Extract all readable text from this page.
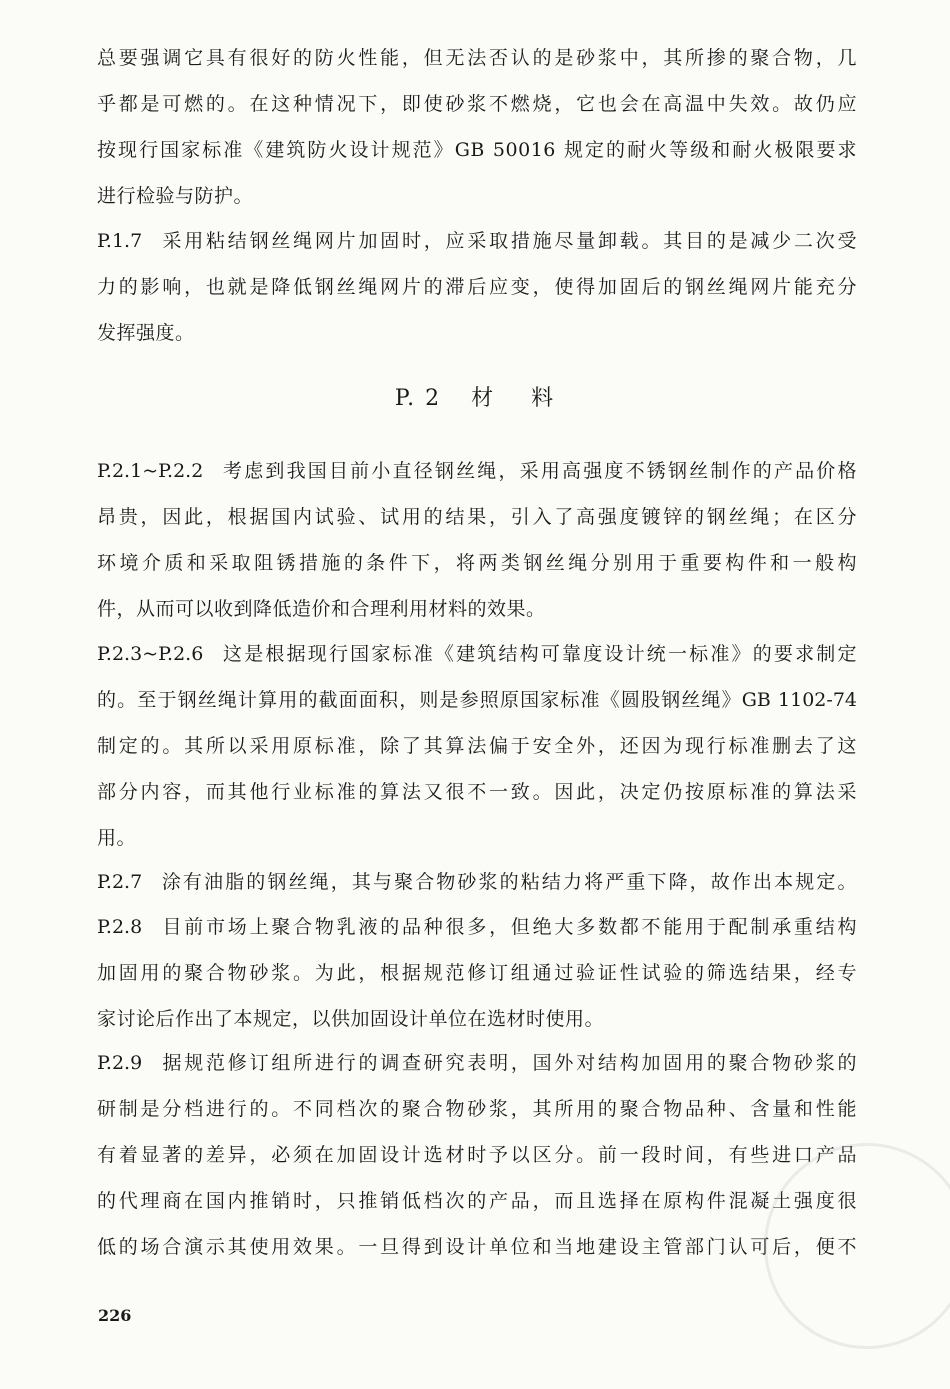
总要强调它具有很好的防火性能，但无法否认的是砂浆中，其所掺的聚合物，几
乎都是可燃的。在这种情况下，即使砂浆不燃烧，它也会在高温中失效。故仍应
按现行国家标准《建筑防火设计规范》GB 50016 规定的耐火等级和耐火极限要求
进行检验与防护。
P.1.7 采用粘结钢丝绳网片加固时，应采取措施尽量卸载。其目的是减少二次受
力的影响，也就是降低钢丝绳网片的滞后应变，使得加固后的钢丝绳网片能充分
发挥强度。
P. 2 材 料
P.2.1~P.2.2 考虑到我国目前小直径钢丝绳，采用高强度不锈钢丝制作的产品价格
昂贵，因此，根据国内试验、试用的结果，引入了高强度镀锌的钢丝绳；在区分
环境介质和采取阻锈措施的条件下，将两类钢丝绳分别用于重要构件和一般构
件，从而可以收到降低造价和合理利用材料的效果。
P.2.3~P.2.6 这是根据现行国家标准《建筑结构可靠度设计统一标准》的要求制定
的。至于钢丝绳计算用的截面面积，则是参照原国家标准《圆股钢丝绳》GB 1102-74
制定的。其所以采用原标准，除了其算法偏于安全外，还因为现行标准删去了这
部分内容，而其他行业标准的算法又很不一致。因此，决定仍按原标准的算法采
用。
P.2.7 涂有油脂的钢丝绳，其与聚合物砂浆的粘结力将严重下降，故作出本规定。
P.2.8 目前市场上聚合物乳液的品种很多，但绝大多数都不能用于配制承重结构
加固用的聚合物砂浆。为此，根据规范修订组通过验证性试验的筛选结果，经专
家讨论后作出了本规定，以供加固设计单位在选材时使用。
P.2.9 据规范修订组所进行的调查研究表明，国外对结构加固用的聚合物砂浆的
研制是分档进行的。不同档次的聚合物砂浆，其所用的聚合物品种、含量和性能
有着显著的差异，必须在加固设计选材时予以区分。前一段时间，有些进口产品
的代理商在国内推销时，只推销低档次的产品，而且选择在原构件混凝土强度很
低的场合演示其使用效果。一旦得到设计单位和当地建设主管部门认可后，便不
226
